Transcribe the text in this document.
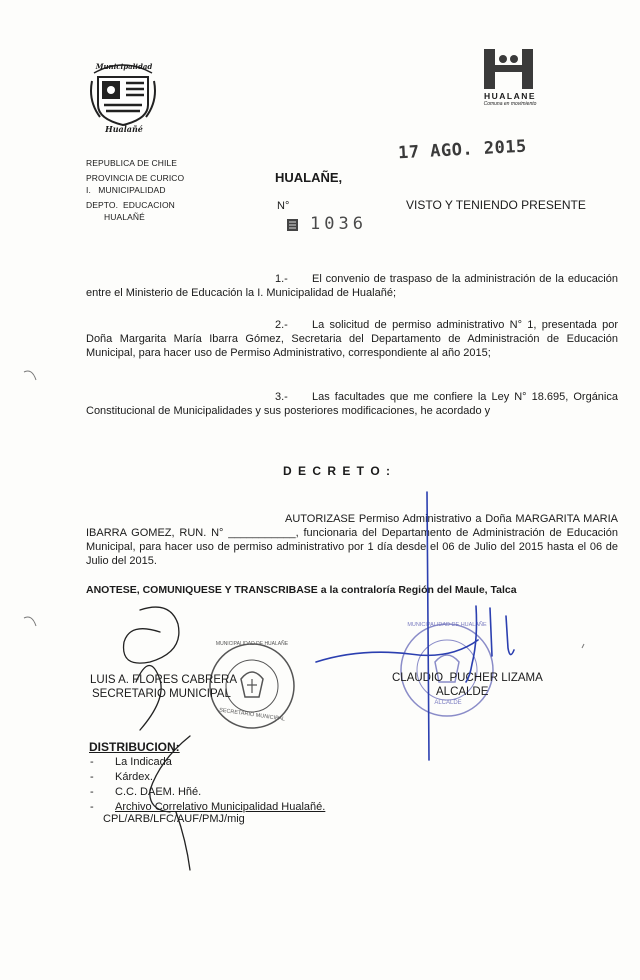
Municipalidad
Hualañé
HUALANE
Comuna en movimiento
REPUBLICA DE CHILE
PROVINCIA DE CURICO
I.   MUNICIPALIDAD
DEPTO.  EDUCACION
HUALAÑÉ
17 AGO. 2015
HUALAÑE,
N°
1036
VISTO Y TENIENDO PRESENTE
1.- El convenio de traspaso de la administración de la educación entre el Ministerio de Educación la I. Municipalidad de Hualañé;
2.- La solicitud de permiso administrativo N° 1, presentada por Doña Margarita María Ibarra Gómez, Secretaria del Departamento de Administración de Educación Municipal, para hacer uso de Permiso Administrativo, correspondiente al año 2015;
3.- Las facultades que me confiere la Ley N° 18.695, Orgánica Constitucional de Municipalidades y sus posteriores modificaciones, he acordado y
D E C R E T O :
AUTORIZASE Permiso Administrativo a Doña MARGARITA MARIA IBARRA GOMEZ, RUN. N° ___________, funcionaria del Departamento de Administración de Educación Municipal, para hacer uso de permiso administrativo por 1 día desde el 06 de Julio del 2015 hasta el 06 de Julio del 2015.
ANOTESE, COMUNIQUESE Y TRANSCRIBASE a la contraloría Región del Maule, Talca
MUNICIPALIDAD DE HUALAÑE
SECRETARIO MUNICIPAL
MUNICIPALIDAD DE HUALAÑE
ALCALDE
LUIS A. FLORES CABRERA
SECRETARIO MUNICIPAL
CLAUDIO  PUCHER LIZAMA
ALCALDE
DISTRIBUCION:
- La Indicada
- Kárdex.
- C.C. DAEM. Hñé.
- Archivo Correlativo Municipalidad Hualañé.
CPL/ARB/LFC/AUF/PMJ/mig
